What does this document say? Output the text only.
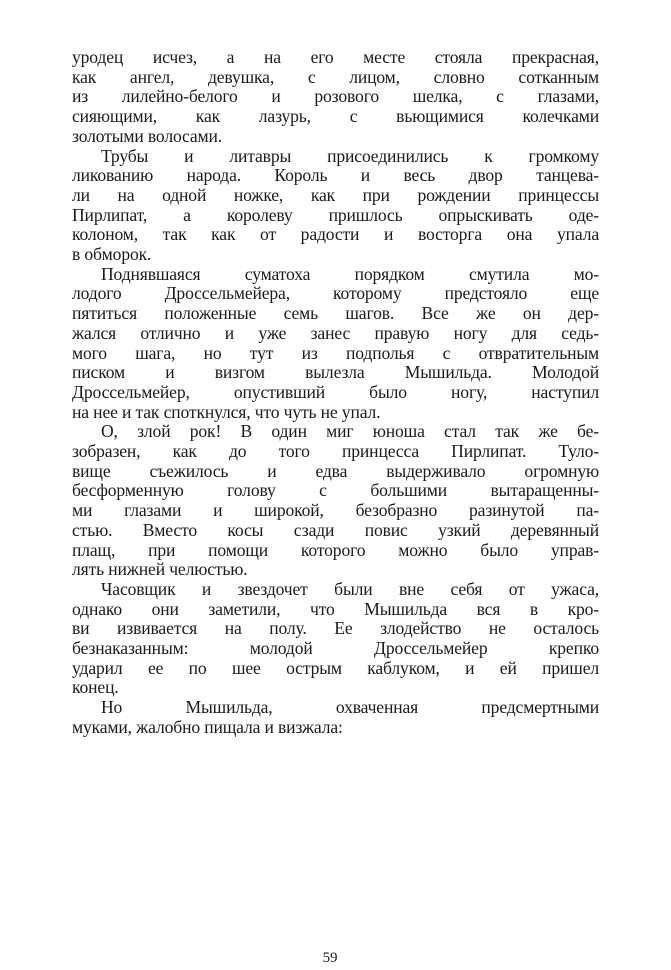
уродец исчез, а на его месте стояла прекрасная,
как ангел, девушка, с лицом, словно сотканным
из лилейно-белого и розового шелка, с глазами,
сияющими, как лазурь, с вьющимися колечками
золотыми волосами.
Трубы и литавры присоединились к громкому
ликованию народа. Король и весь двор танцева-
ли на одной ножке, как при рождении принцессы
Пирлипат, а королеву пришлось опрыскивать оде-
колоном, так как от радости и восторга она упала
в обморок.
Поднявшаяся суматоха порядком смутила мо-
лодого Дроссельмейера, которому предстояло еще
пятиться положенные семь шагов. Все же он дер-
жался отлично и уже занес правую ногу для седь-
мого шага, но тут из подполья с отвратительным
писком и визгом вылезла Мышильда. Молодой
Дроссельмейер, опустивший было ногу, наступил
на нее и так споткнулся, что чуть не упал.
О, злой рок! В один миг юноша стал так же бе-
зобразен, как до того принцесса Пирлипат. Туло-
вище съежилось и едва выдерживало огромную
бесформенную голову с большими вытаращенны-
ми глазами и широкой, безобразно разинутой па-
стью. Вместо косы сзади повис узкий деревянный
плащ, при помощи которого можно было управ-
лять нижней челюстью.
Часовщик и звездочет были вне себя от ужаса,
однако они заметили, что Мышильда вся в кро-
ви извивается на полу. Ее злодейство не осталось
безнаказанным: молодой Дроссельмейер крепко
ударил ее по шее острым каблуком, и ей пришел
конец.
Но Мышильда, охваченная предсмертными
муками, жалобно пищала и визжала:
59
